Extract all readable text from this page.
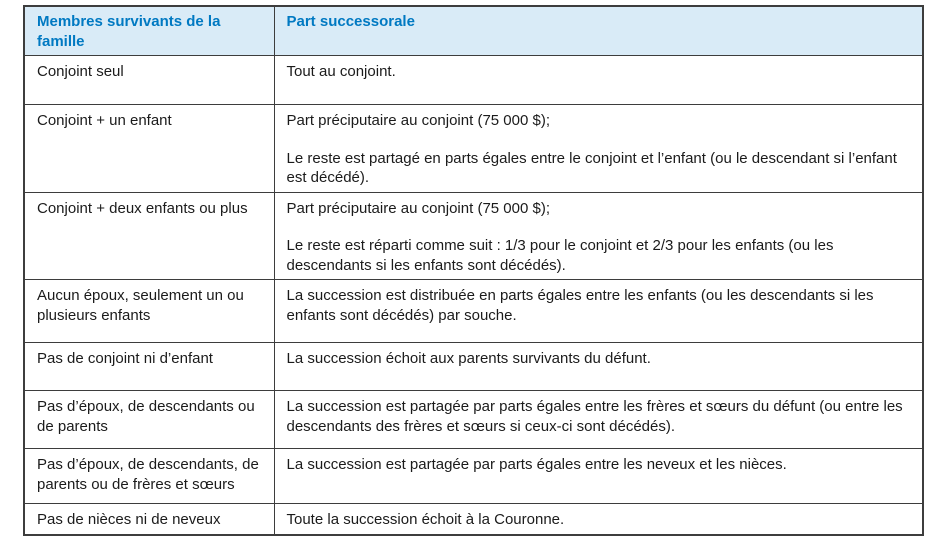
Membres survivants de la famille	Part successorale
Conjoint seul	Tout au conjoint.

Conjoint + un enfant	Part préciputaire au conjoint (75 000 $);

Le reste est partagé en parts égales entre le conjoint et l’enfant (ou le descendant si l’enfant est décédé).

Conjoint + deux enfants ou plus	Part préciputaire au conjoint (75 000 $);

Le reste est réparti comme suit : 1/3 pour le conjoint et 2/3 pour les enfants (ou les descendants si les enfants sont décédés).

Aucun époux, seulement un ou plusieurs enfants	La succession est distribuée en parts égales entre les enfants (ou les descendants si les enfants sont décédés) par souche.

Pas de conjoint ni d’enfant	La succession échoit aux parents survivants du défunt.

Pas d’époux, de descendants ou de parents	La succession est partagée par parts égales entre les frères et sœurs du défunt (ou entre les descendants des frères et sœurs si ceux-ci sont décédés).

Pas d’époux, de descendants, de parents ou de frères et sœurs	La succession est partagée par parts égales entre les neveux et les nièces.

Pas de nièces ni de neveux	Toute la succession échoit à la Couronne.
